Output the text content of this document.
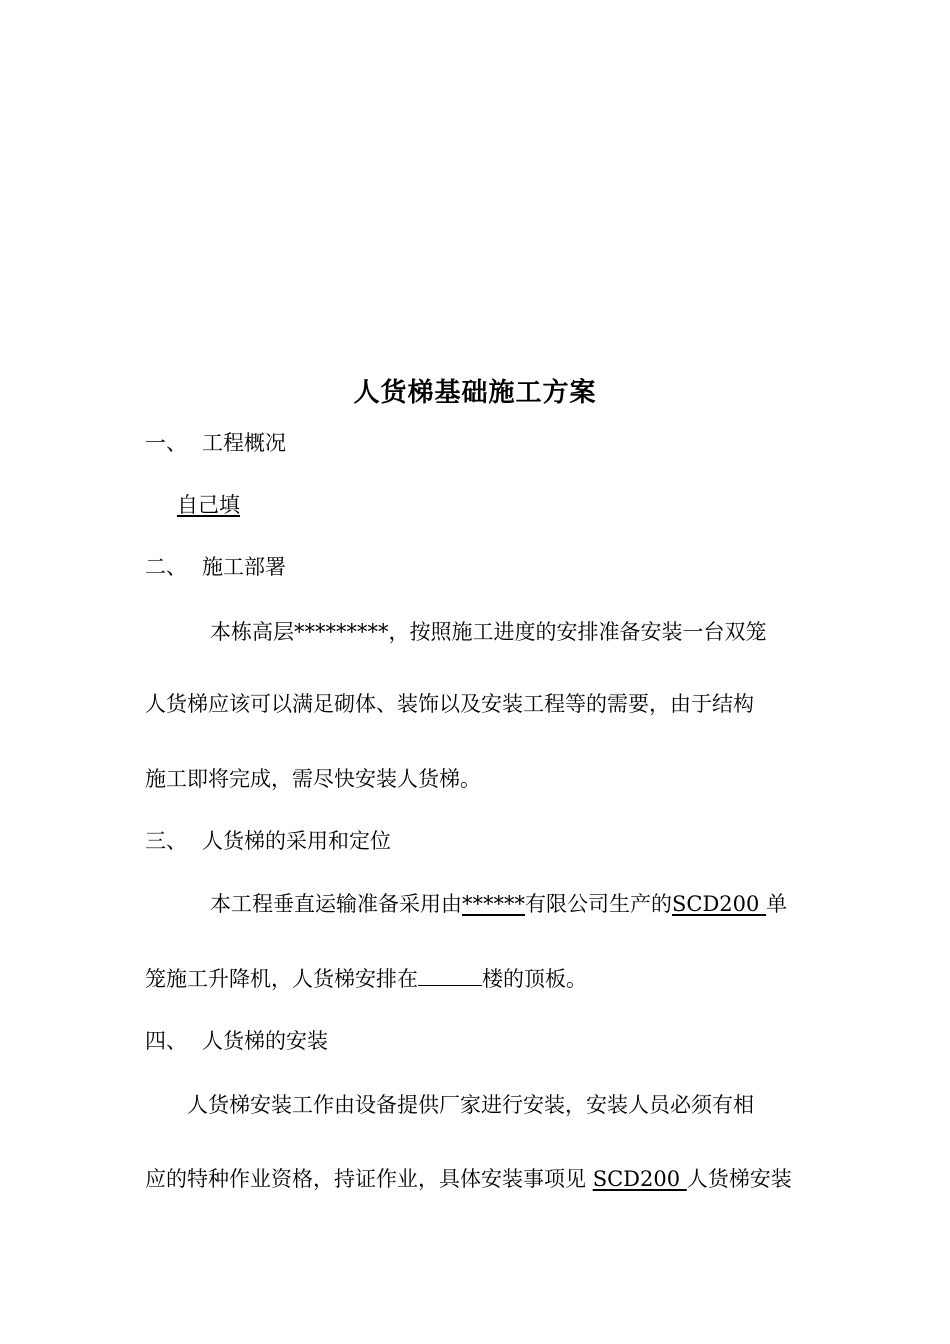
人货梯基础施工方案
一、 工程概况
自己填
二、 施工部署
本栋高层*********，按照施工进度的安排准备安装一台双笼
人货梯应该可以满足砌体、装饰以及安装工程等的需要，由于结构
施工即将完成，需尽快安装人货梯。
三、 人货梯的采用和定位
本工程垂直运输准备采用由******有限公司生产的SCD200 单
笼施工升降机，人货梯安排在	楼的顶板。
四、 人货梯的安装
人货梯安装工作由设备提供厂家进行安装，安装人员必须有相
应的特种作业资格，持证作业，具体安装事项见 SCD200 人货梯安装
